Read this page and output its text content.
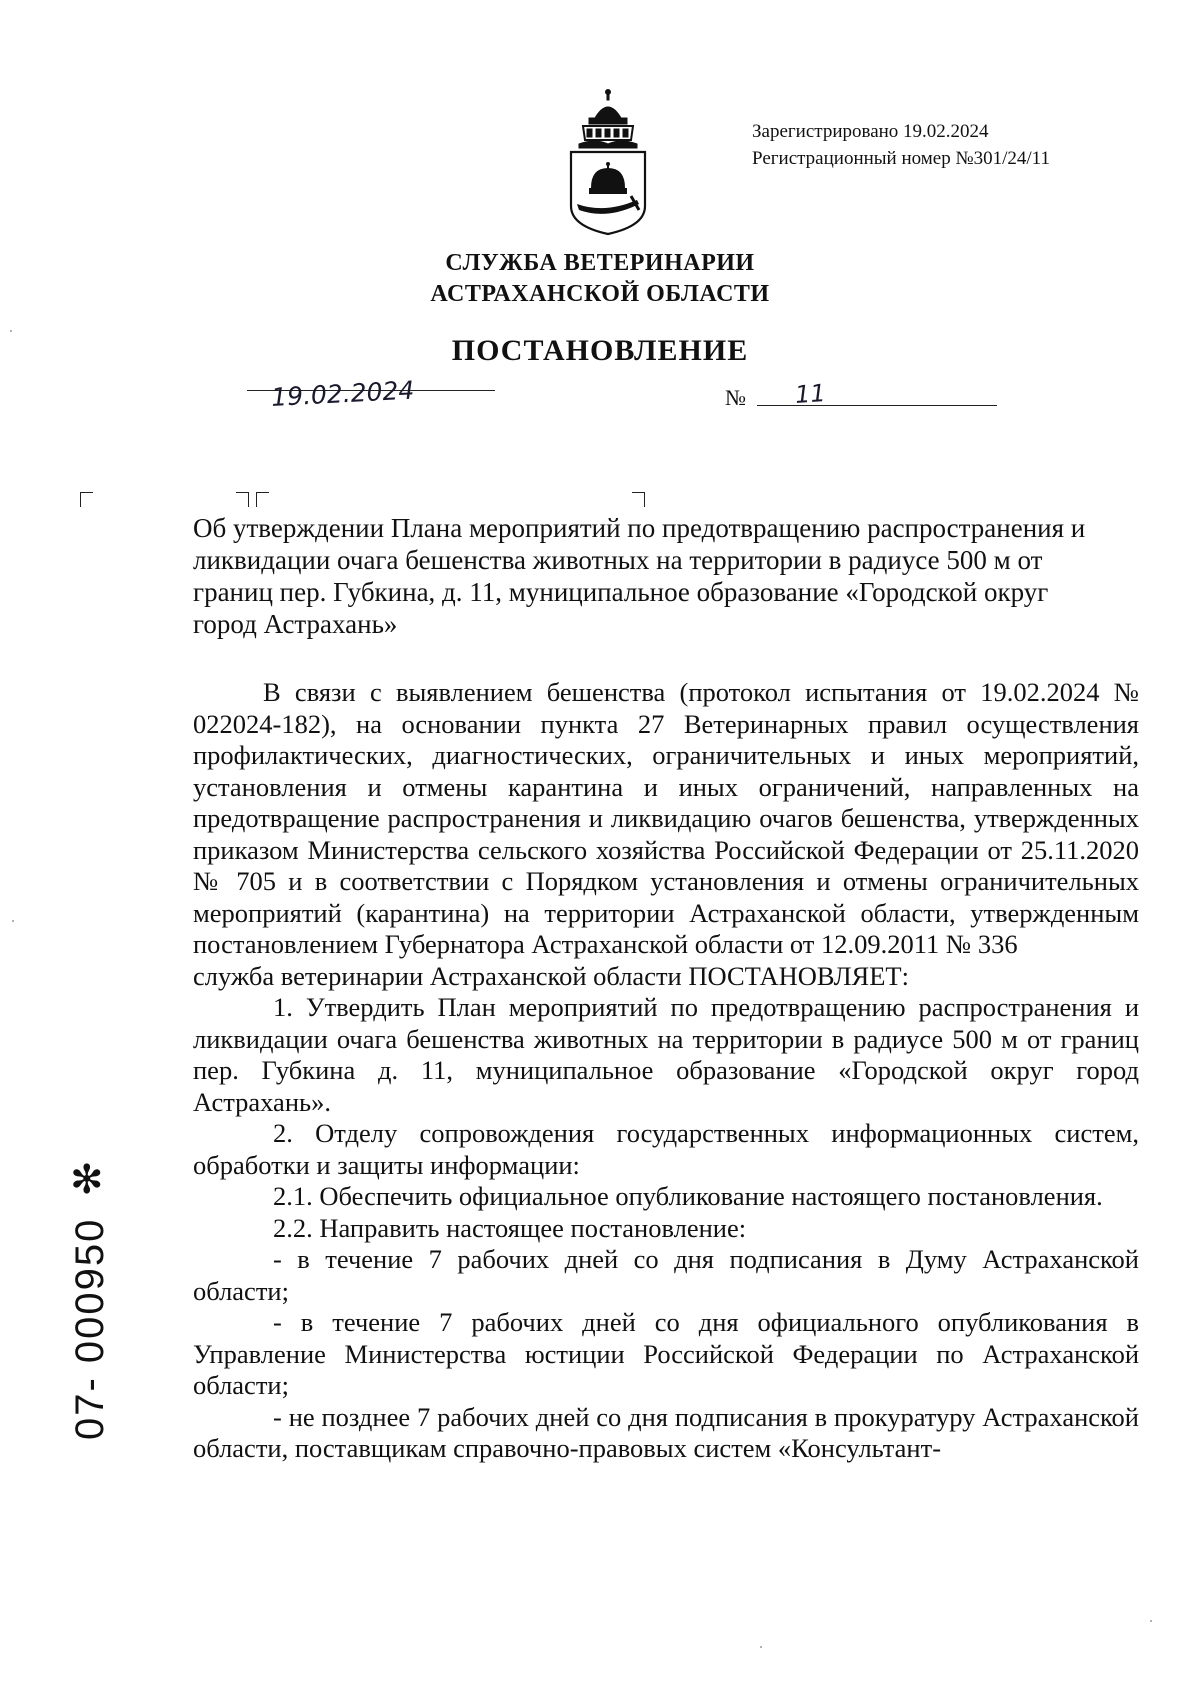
Зарегистрировано 19.02.2024
Регистрационный номер №301/24/11
СЛУЖБА ВЕТЕРИНАРИИ
АСТРАХАНСКОЙ ОБЛАСТИ
ПОСТАНОВЛЕНИЕ
19.02.2024	№ 11
Об утверждении Плана мероприятий по предотвращению распространения и ликвидации очага бешенства животных на территории в радиусе 500 м от границ пер. Губкина, д. 11, муниципальное образование «Городской округ город Астрахань»

В связи с выявлением бешенства (протокол испытания от 19.02.2024 № 022024-182), на основании пункта 27 Ветеринарных правил осуществления профилактических, диагностических, ограничительных и иных мероприятий, установления и отмены карантина и иных ограничений, направленных на предотвращение распространения и ликвидацию очагов бешенства, утвержденных приказом Министерства сельского хозяйства Российской Федерации от 25.11.2020 № 705 и в соответствии с Порядком установления и отмены ограничительных мероприятий (карантина) на территории Астраханской области, утвержденным постановлением Губернатора Астраханской области от 12.09.2011 № 336

служба ветеринарии Астраханской области ПОСТАНОВЛЯЕТ:

1. Утвердить План мероприятий по предотвращению распространения и ликвидации очага бешенства животных на территории в радиусе 500 м от границ пер. Губкина д. 11, муниципальное образование «Городской округ город Астрахань».

2. Отделу сопровождения государственных информационных систем, обработки и защиты информации:

2.1. Обеспечить официальное опубликование настоящего постановления.

2.2. Направить настоящее постановление:

- в течение 7 рабочих дней со дня подписания в Думу Астраханской области;

- в течение 7 рабочих дней со дня официального опубликования в Управление Министерства юстиции Российской Федерации по Астраханской области;

- не позднее 7 рабочих дней со дня подписания в прокуратуру Астраханской области, поставщикам справочно-правовых систем «Консультант-

✻
07- 000950
